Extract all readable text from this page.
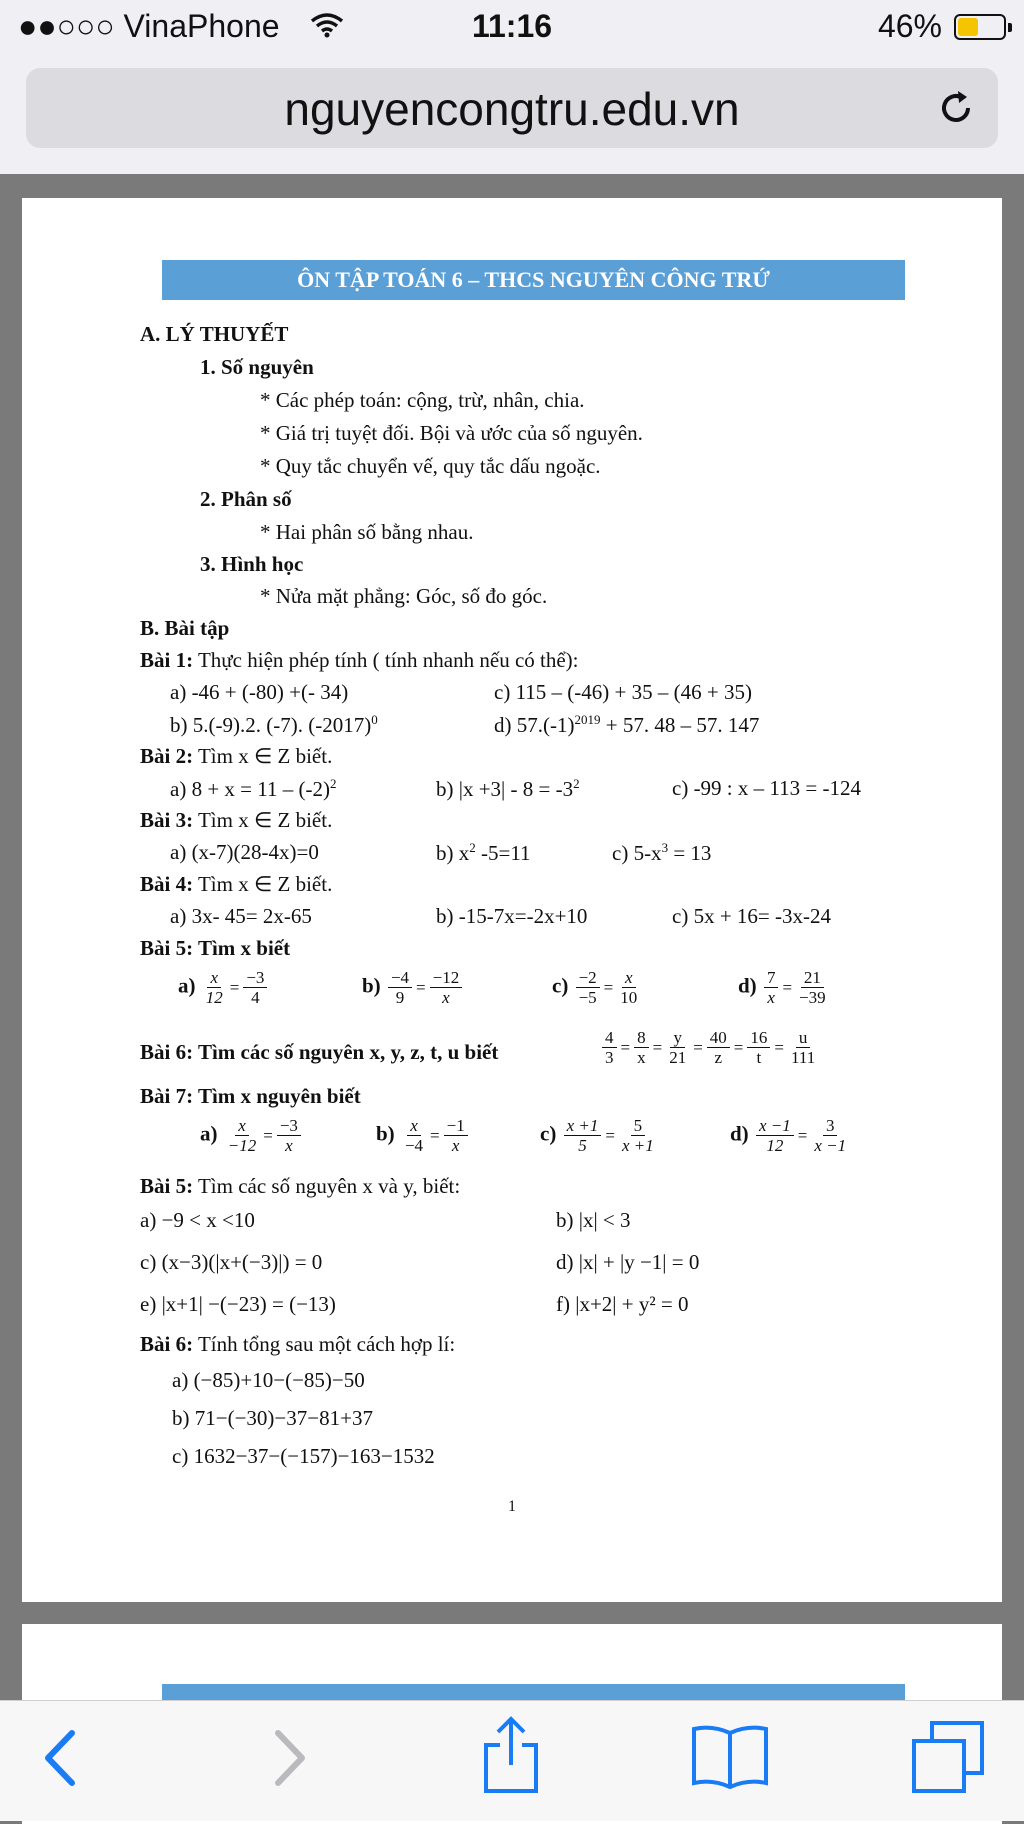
●●○○○ VinaPhone	11:16	46%
nguyencongtru.edu.vn
ÔN TẬP TOÁN 6 – THCS NGUYÊN CÔNG TRỨ
A. LÝ THUYẾT
1. Số nguyên
* Các phép toán: cộng, trừ, nhân, chia.
* Giá trị tuyệt đối. Bội và ước của số nguyên.
* Quy tắc chuyển vế, quy tắc dấu ngoặc.
2. Phân số
* Hai phân số bằng nhau.
3. Hình học
* Nửa mặt phẳng: Góc, số đo góc.
B. Bài tập
Bài 1: Thực hiện phép tính ( tính nhanh nếu có thể):
a) -46 + (-80) +(- 34)	c) 115 – (-46) + 35 – (46 + 35)
b) 5.(-9).2. (-7). $(-2017)^0$	d) $57.(-1)^{2019} + 57$. 48 – 57. 147
Bài 2: Tìm x ∈ Z biết.
a) $8 + x = 11 - (-2)^2$	b) $|x +3| - 8 = -3^2$	c) -99 : x – 113 = -124
Bài 3: Tìm x ∈ Z biết.
a) (x-7)(28-4x)=0	b) $x^2$ -5=11	c) $5-x^3 = 13$
Bài 4: Tìm x ∈ Z biết.
a) 3x- 45= 2x-65	b) -15-7x=-2x+10	c) 5x + 16= -3x-24
Bài 5: Tìm x biết
$a) \frac{x}{12} = \frac{-3}{4}$	$b) \frac{-4}{9} = \frac{-12}{x}$	$c) \frac{-2}{-5} = \frac{x}{10}$	$d) \frac{7}{x} = \frac{21}{-39}$
Bài 6: Tìm các số nguyên x, y, z, t, u biết	$\frac{4}{3} = \frac{8}{x} = \frac{y}{21} = \frac{40}{z} = \frac{16}{t} = \frac{u}{111}$
Bài 7: Tìm x nguyên biết
$a) \frac{x}{-12} = \frac{-3}{x}$	$b) \frac{x}{-4} = \frac{-1}{x}$	$c) \frac{x +1}{5} = \frac{5}{x +1}$	$d) \frac{x -1}{12} = \frac{3}{x -1}$
Bài 5: Tìm các số nguyên x và y, biết:
a) −9 < x <10	b) |x| < 3
c) (x−3)(|x+(−3)|) = 0	d) |x| + |y −1| = 0
e) |x+1| −(−23) = (−13)	f) |x+2| + y² = 0
Bài 6: Tính tổng sau một cách hợp lí:
a) (−85)+10−(−85)−50
b) 71−(−30)−37−81+37
c) 1632−37−(−157)−163−1532
1
